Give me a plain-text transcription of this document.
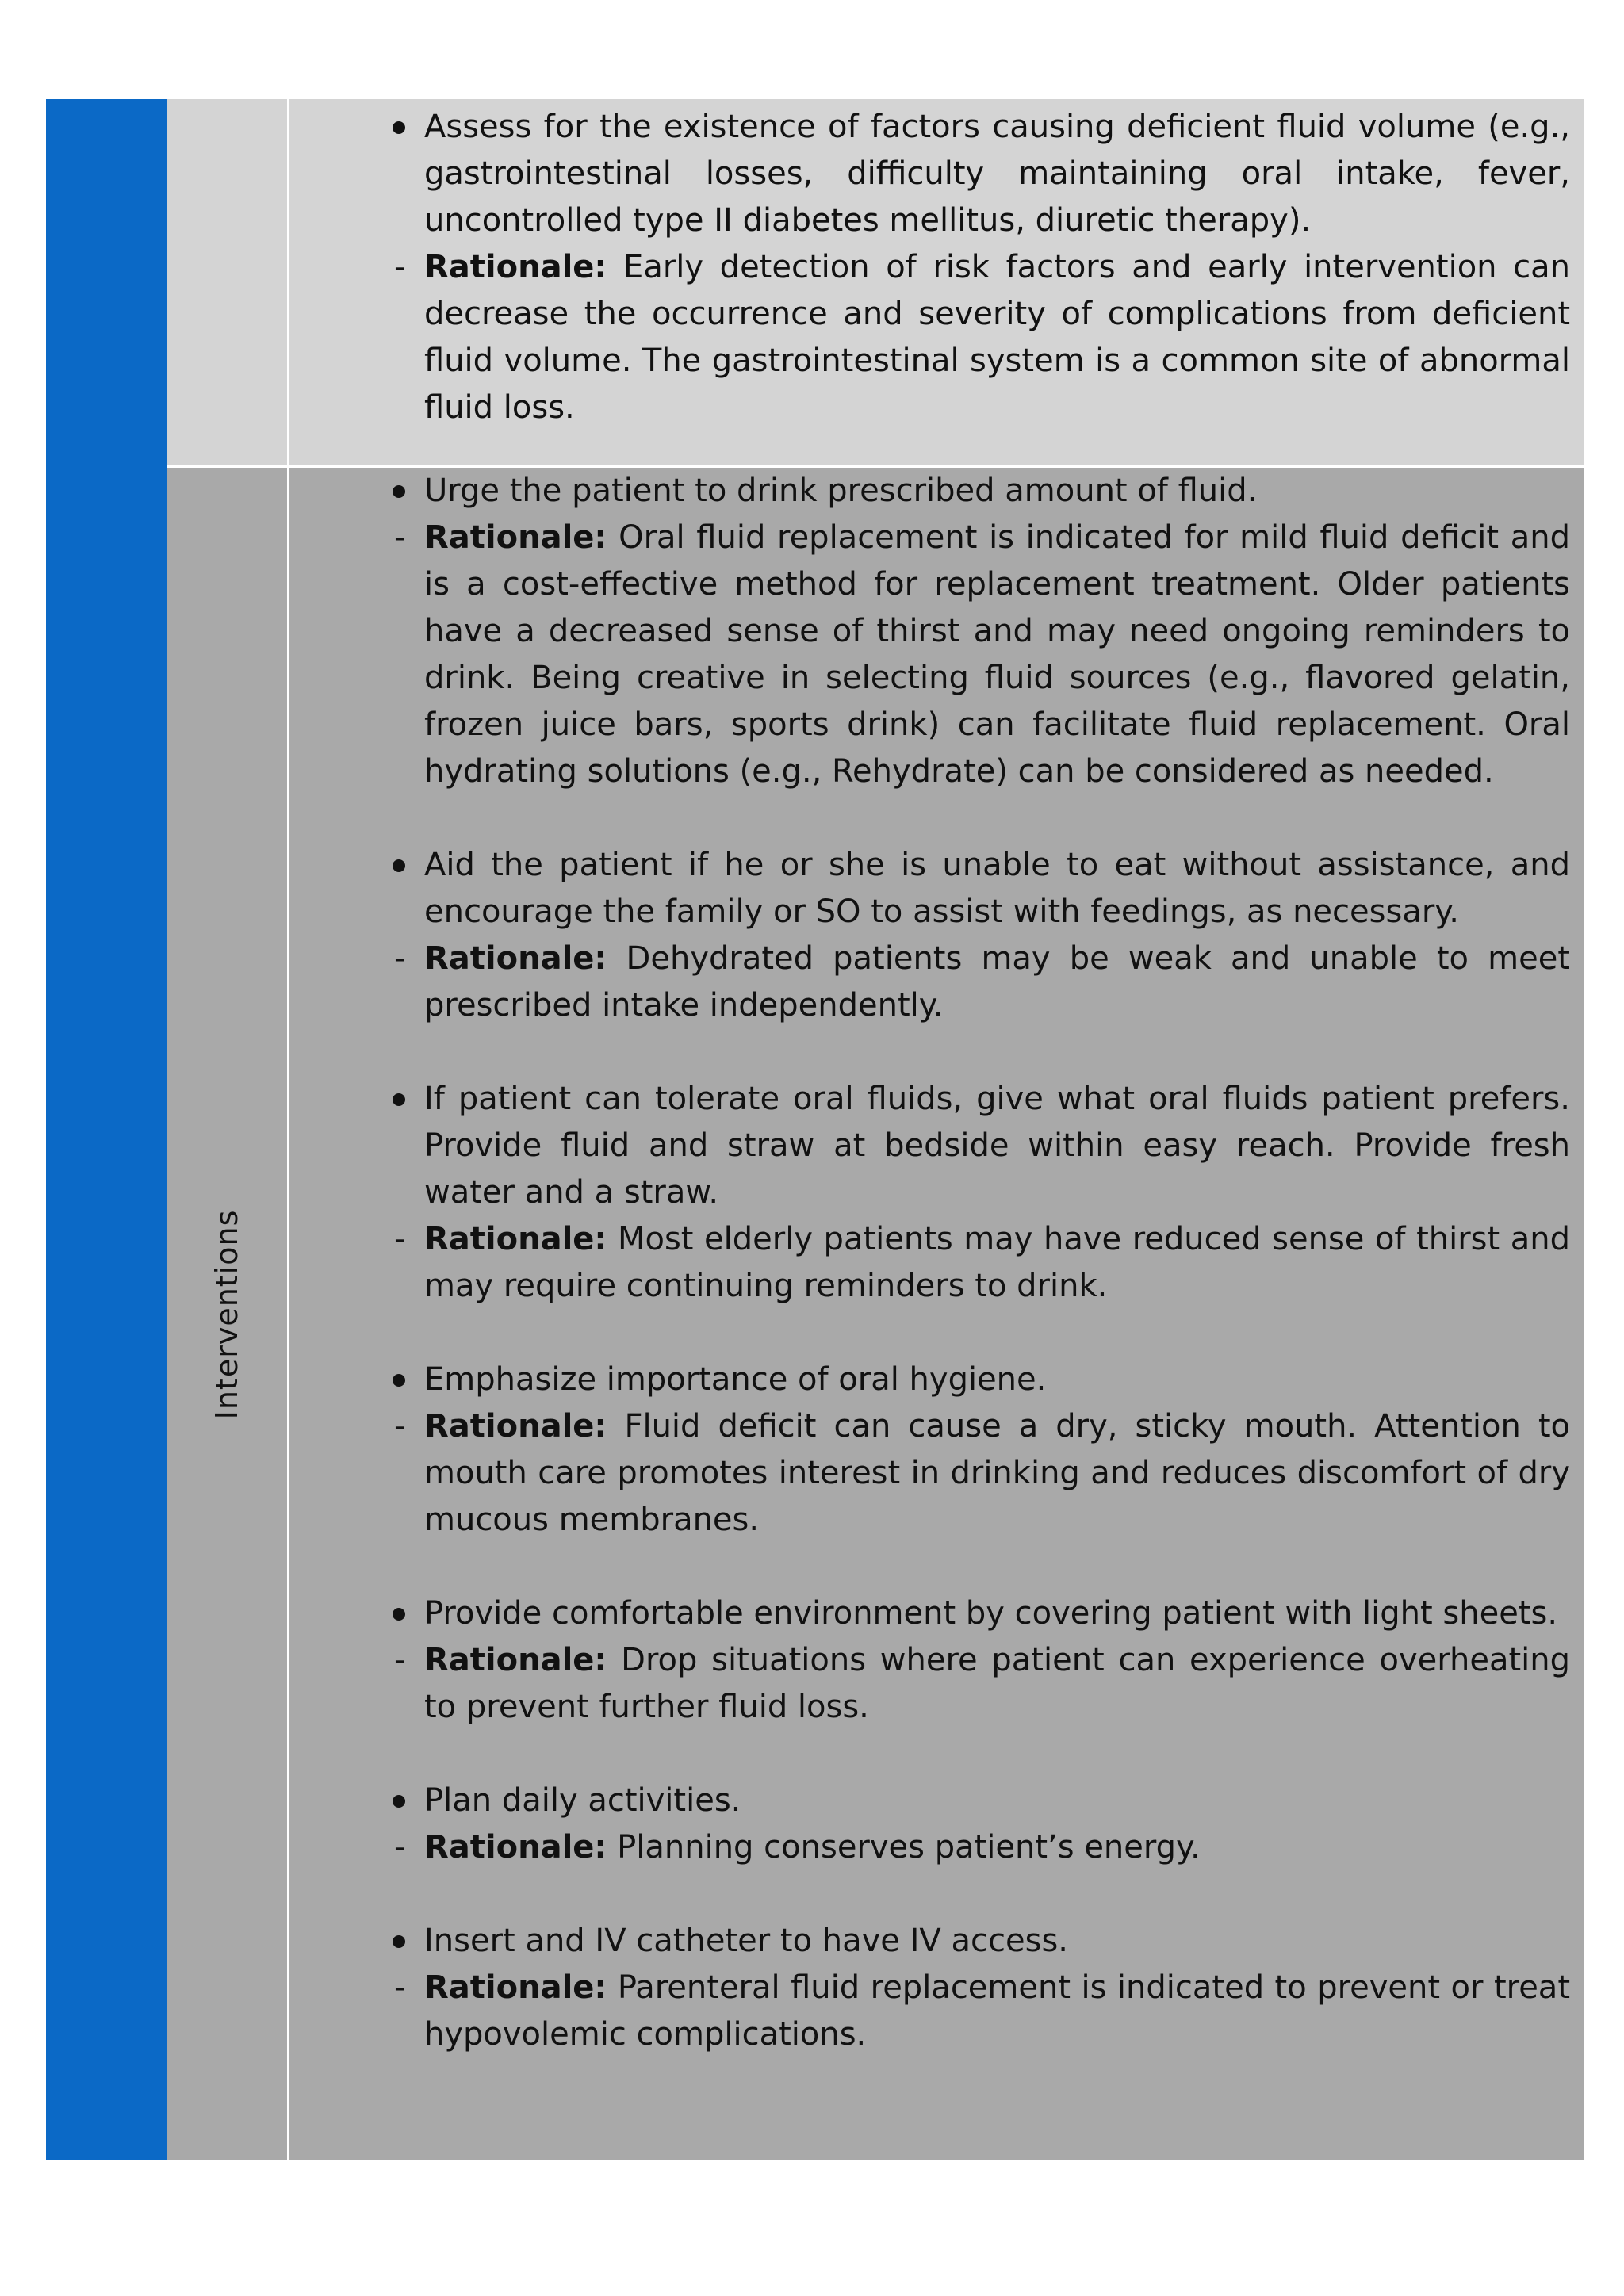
Assess for the existence of factors causing deficient fluid volume (e.g., gastrointestinal losses, difficulty maintaining oral intake, fever, uncontrolled type II diabetes mellitus, diuretic therapy).
- Rationale: Early detection of risk factors and early intervention can decrease the occurrence and severity of complications from deficient fluid volume. The gastrointestinal system is a common site of abnormal fluid loss.
Interventions
Urge the patient to drink prescribed amount of fluid.
- Rationale: Oral fluid replacement is indicated for mild fluid deficit and is a cost-effective method for replacement treatment. Older patients have a decreased sense of thirst and may need ongoing reminders to drink. Being creative in selecting fluid sources (e.g., flavored gelatin, frozen juice bars, sports drink) can facilitate fluid replacement. Oral hydrating solutions (e.g., Rehydrate) can be considered as needed.
Aid the patient if he or she is unable to eat without assistance, and encourage the family or SO to assist with feedings, as necessary.
- Rationale: Dehydrated patients may be weak and unable to meet prescribed intake independently.
If patient can tolerate oral fluids, give what oral fluids patient prefers. Provide fluid and straw at bedside within easy reach. Provide fresh water and a straw.
- Rationale: Most elderly patients may have reduced sense of thirst and may require continuing reminders to drink.
Emphasize importance of oral hygiene.
- Rationale: Fluid deficit can cause a dry, sticky mouth. Attention to mouth care promotes interest in drinking and reduces discomfort of dry mucous membranes.
Provide comfortable environment by covering patient with light sheets.
- Rationale: Drop situations where patient can experience overheating to prevent further fluid loss.
Plan daily activities.
- Rationale: Planning conserves patient’s energy.
Insert and IV catheter to have IV access.
- Rationale: Parenteral fluid replacement is indicated to prevent or treat hypovolemic complications.
